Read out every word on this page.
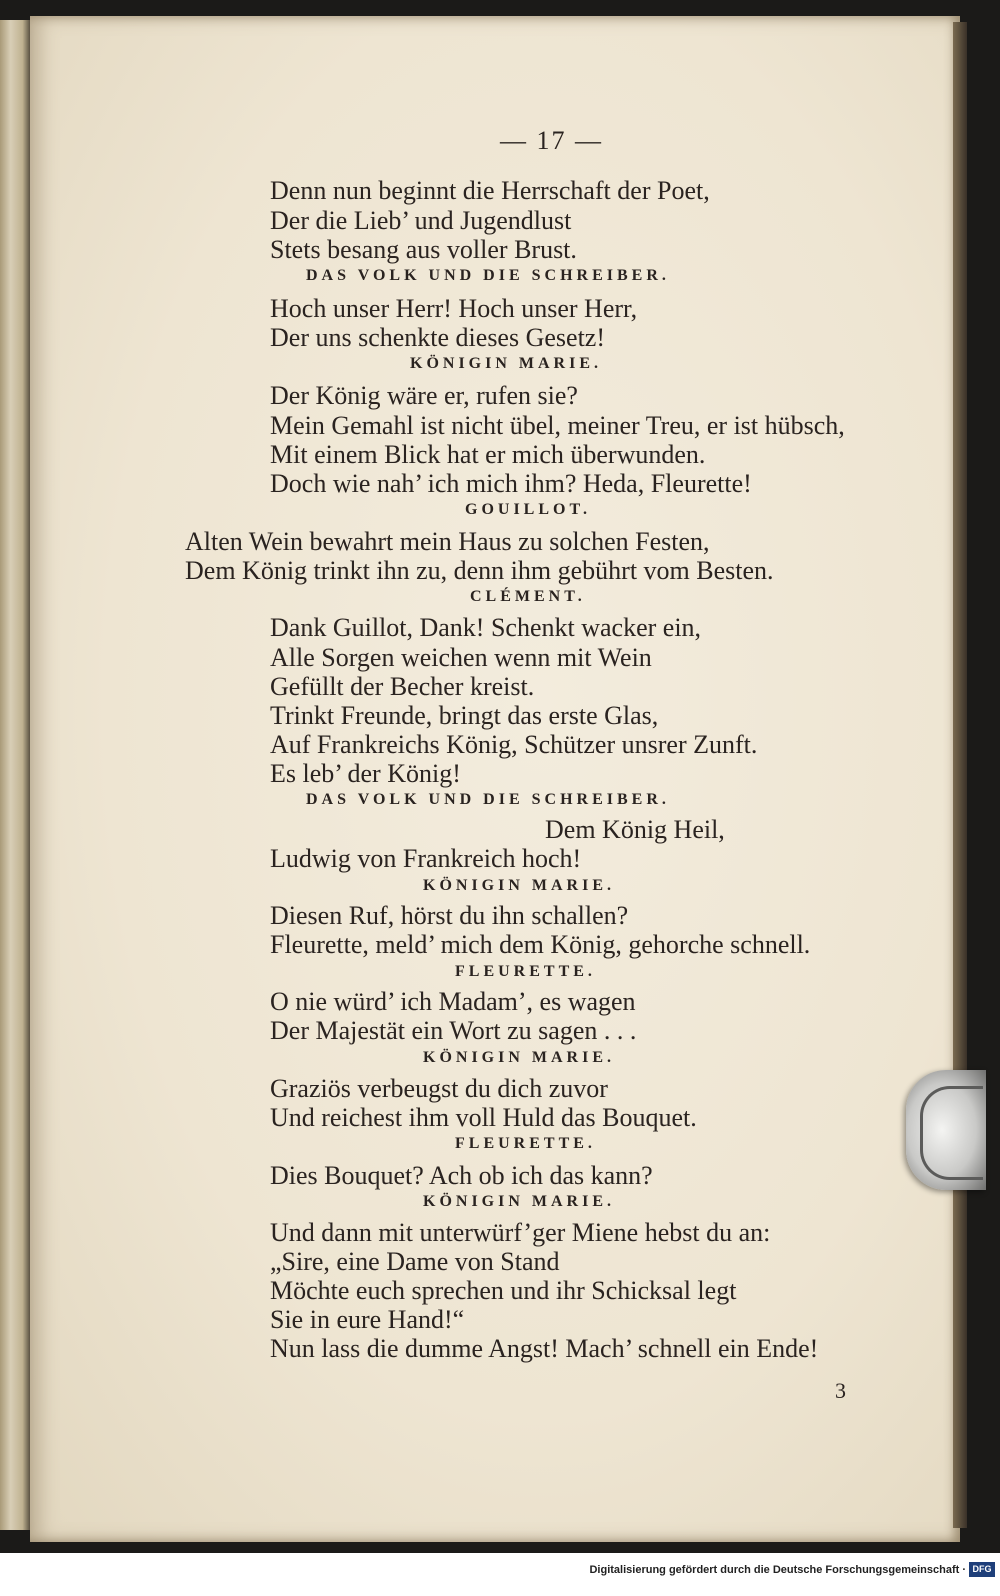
— 17 —
Denn nun beginnt die Herrschaft der Poet,
Der die Lieb’ und Jugendlust
Stets besang aus voller Brust.
DAS VOLK UND DIE SCHREIBER.
Hoch unser Herr! Hoch unser Herr,
Der uns schenkte dieses Gesetz!
KÖNIGIN MARIE.
Der König wäre er, rufen sie?
Mein Gemahl ist nicht übel, meiner Treu, er ist hübsch,
Mit einem Blick hat er mich überwunden.
Doch wie nah’ ich mich ihm? Heda, Fleurette!
GOUILLOT.
Alten Wein bewahrt mein Haus zu solchen Festen,
Dem König trinkt ihn zu, denn ihm gebührt vom Besten.
CLÉMENT.
Dank Guillot, Dank! Schenkt wacker ein,
Alle Sorgen weichen wenn mit Wein
Gefüllt der Becher kreist.
Trinkt Freunde, bringt das erste Glas,
Auf Frankreichs König, Schützer unsrer Zunft.
Es leb’ der König!
DAS VOLK UND DIE SCHREIBER.
Dem König Heil,
Ludwig von Frankreich hoch!
KÖNIGIN MARIE.
Diesen Ruf, hörst du ihn schallen?
Fleurette, meld’ mich dem König, gehorche schnell.
FLEURETTE.
O nie würd’ ich Madam’, es wagen
Der Majestät ein Wort zu sagen . . .
KÖNIGIN MARIE.
Graziös verbeugst du dich zuvor
Und reichest ihm voll Huld das Bouquet.
FLEURETTE.
Dies Bouquet? Ach ob ich das kann?
KÖNIGIN MARIE.
Und dann mit unterwürf’ger Miene hebst du an:
„Sire, eine Dame von Stand
Möchte euch sprechen und ihr Schicksal legt
Sie in eure Hand!“
Nun lass die dumme Angst! Mach’ schnell ein Ende!
3
Digitalisierung gefördert durch die Deutsche Forschungsgemeinschaft · DFG
